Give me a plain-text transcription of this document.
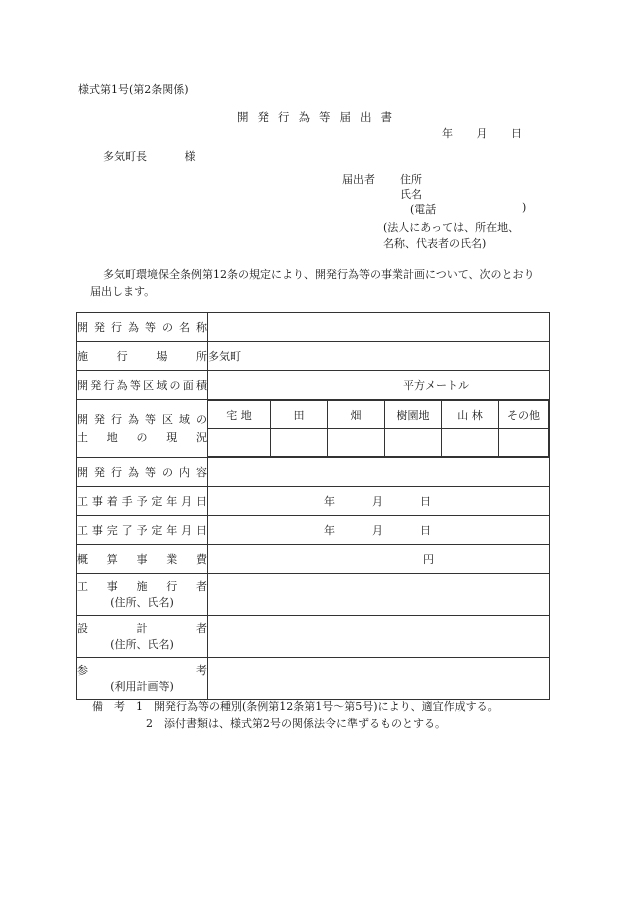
様式第1号(第2条関係)
開発行為等届出書
年 月 日
多気町長 様
届出者 住所
氏名
(電話	)
(法人にあっては、所在地、
名称、代表者の氏名)
多気町環境保全条例第12条の規定により、開発行為等の事業計画について、次のとおり
届出します。
開発行為等の名称	
施行場所	多気町
開発行為等区域の面積	平方メートル

開発行為等区域の
土地の現況

宅 地	田	畑	樹園地	山 林	その他

開発行為等の内容	
工事着手予定年月日	年	月	日
工事完了予定年月日	年	月	日
概算事業費	円

工事施行者
(住所、氏名)

設計者
(住所、氏名)

参考
(利用計画等)

備　考　1　開発行為等の種別(条例第12条第1号～第5号)により、適宜作成する。
2　添付書類は、様式第2号の関係法令に準ずるものとする。
